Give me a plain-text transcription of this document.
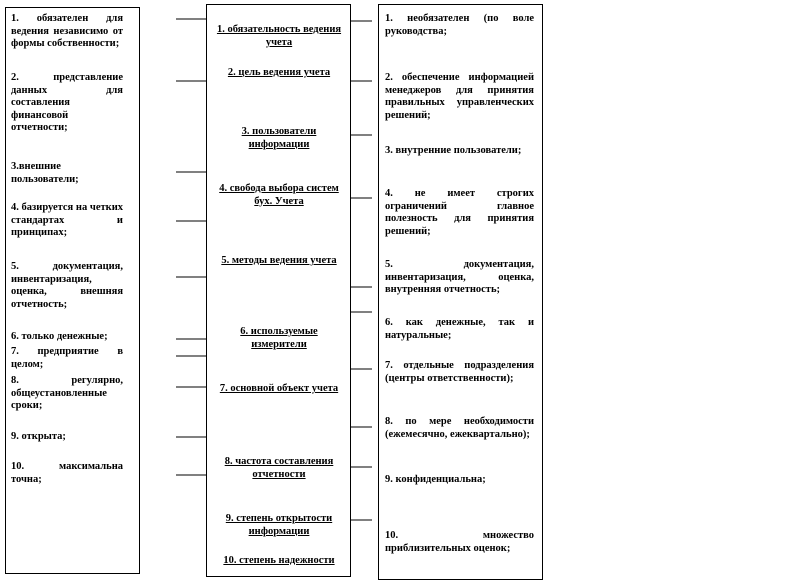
1. обязателен для ведения независимо от формы собственности;
2. представление данных для составления финансовой отчетности;
3.внешние пользователи;
4. базируется на четких стандартах и принципах;
5. документация, инвентаризация, оценка, внешняя отчетность;
6. только денежные;
7. предприятие в целом;
8. регулярно, общеустановленные сроки;
9. открыта;
10. максимальна точна;
1. обязательность ведения учета
2. цель ведения учета
3. пользователи информации
4. свобода выбора систем бух. Учета
5. методы ведения учета
6. используемые измерители
7. основной объект учета
8. частота составления отчетности
9. степень открытости информации
10. степень надежности
1. необязателен (по воле руководства;
2. обеспечение информацией менеджеров для принятия правильных управленческих решений;
3. внутренние пользователи;
4. не имеет строгих ограничений главное полезность для принятия решений;
5. документация, инвентаризация, оценка, внутренняя отчетность;
6. как денежные, так и натуральные;
7. отдельные подразделения (центры ответственности);
8. по мере необходимости (ежемесячно, ежеквартально);
9. конфиденциальна;
10. множество приблизительных оценок;
